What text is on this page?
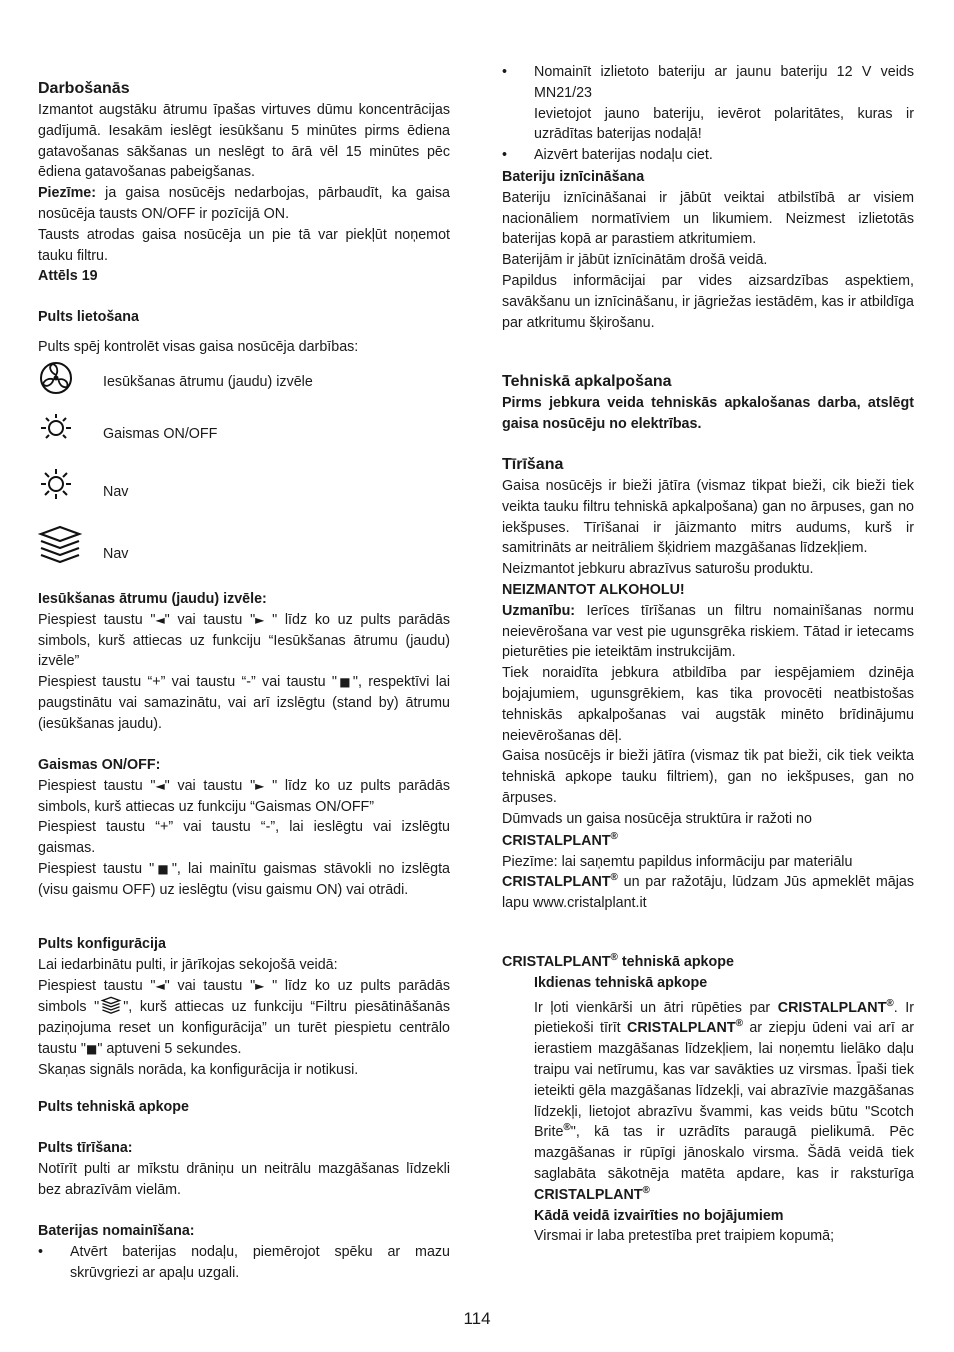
Darbošanās

Izmantot augstāku ātrumu īpašas virtuves dūmu koncentrācijas gadījumā. Iesakām ieslēgt iesūkšanu 5 minūtes pirms ēdiena gatavošanas sākšanas un neslēgt to ārā vēl 15 minūtes pēc ēdiena gatavošanas pabeigšanas.

Piezīme: ja gaisa nosūcējs nedarbojas, pārbaudīt, ka gaisa nosūcēja tausts ON/OFF ir pozīcijā ON.

Tausts atrodas gaisa nosūcēja un pie tā var piekļūt noņemot tauku filtru.

Attēls 19

Pults lietošana

Pults spēj kontrolēt visas gaisa nosūcēja darbības:

Iesūkšanas ātrumu (jaudu) izvēle
Gaismas ON/OFF
Nav
Nav

Iesūkšanas ātrumu (jaudu) izvēle:

Piespiest taustu "◄" vai taustu "► " līdz ko uz pults parādās simbols, kurš attiecas uz funkciju “Iesūkšanas ātrumu (jaudu) izvēle”

Piespiest taustu “+” vai taustu “-” vai taustu "■", respektīvi lai paugstinātu vai samazinātu, vai arī izslēgtu (stand by) ātrumu (iesūkšanas jaudu).

Gaismas ON/OFF:

Piespiest taustu "◄" vai taustu "► " līdz ko uz pults parādās simbols, kurš attiecas uz funkciju “Gaismas ON/OFF”

Piespiest taustu “+” vai taustu “-”, lai ieslēgtu vai izslēgtu gaismas.

Piespiest taustu "■", lai mainītu gaismas stāvokli no izslēgta (visu gaismu OFF) uz ieslēgtu (visu gaismu ON) vai otrādi.

Pults konfigurācija

Lai iedarbinātu pulti, ir jārīkojas sekojošā veidā:

Piespiest taustu "◄" vai taustu "► " līdz ko uz pults parādās simbols " ", kurš attiecas uz funkciju “Filtru piesātināšanās paziņojuma reset un konfigurācija” un turēt piespietu centrālo taustu "■" aptuveni 5 sekundes.

Skaņas signāls norāda, ka konfigurācija ir notikusi.

Pults tehniskā apkope

Pults tīrīšana:

Notīrīt pulti ar mīkstu drāniņu un neitrālu mazgāšanas līdzekli bez abrazīvām vielām.

Baterijas nomainīšana:

• Atvērt baterijas nodaļu, piemērojot spēku ar mazu skrūvgriezi ar apaļu uzgali.

• Nomainīt izlietoto bateriju ar jaunu bateriju 12 V veids MN21/23

Ievietojot jauno bateriju, ievērot polaritātes, kuras ir uzrādītas baterijas nodaļā!

• Aizvērt baterijas nodaļu ciet.

Bateriju iznīcināšana

Bateriju iznīcināšanai ir jābūt veiktai atbilstībā ar visiem nacionāliem normatīviem un likumiem. Neizmest izlietotās baterijas kopā ar parastiem atkritumiem.

Baterijām ir jābūt iznīcinātām drošā veidā.

Papildus informācijai par vides aizsardzības aspektiem, savākšanu un iznīcināšanu, ir jāgriežas iestādēm, kas ir atbildīga par atkritumu šķirošanu.

Tehniskā apkalpošana

Pirms jebkura veida tehniskās apkalošanas darba, atslēgt gaisa nosūcēju no elektrības.

Tīrīšana

Gaisa nosūcējs ir bieži jātīra (vismaz tikpat bieži, cik bieži tiek veikta tauku filtru tehniskā apkalpošana) gan no ārpuses, gan no iekšpuses. Tīrīšanai ir jāizmanto mitrs audums, kurš ir samitrināts ar neitrāliem šķidriem mazgāšanas līdzekļiem.

Neizmantot jebkuru abrazīvus saturošu produktu.

NEIZMANTOT ALKOHOLU!

Uzmanību: Ierīces tīrīšanas un filtru nomainīšanas normu neievērošana var vest pie ugunsgrēka riskiem. Tātad ir ietecams pieturēties pie ieteiktām instrukcijām.

Tiek noraidīta jebkura atbildība par iespējamiem dzinēja bojajumiem, ugunsgrēkiem, kas tika provocēti neatbistošas tehniskās apkalpošanas vai augstāk minēto brīdinājumu neievērošanas dēļ.

Gaisa nosūcējs ir bieži jātīra (vismaz tik pat bieži, cik tiek veikta tehniskā apkope tauku filtriem), gan no iekšpuses, gan no ārpuses.

Dūmvads un gaisa nosūcēja struktūra ir ražoti no

CRISTALPLANT®

Piezīme: lai saņemtu papildus informāciju par materiālu

CRISTALPLANT® un par ražotāju, lūdzam Jūs apmeklēt mājas lapu www.cristalplant.it

CRISTALPLANT® tehniskā apkope

Ikdienas tehniskā apkope

Ir ļoti vienkārši un ātri rūpēties par CRISTALPLANT®. Ir pietiekoši tīrīt CRISTALPLANT® ar ziepju ūdeni vai arī ar ierastiem mazgāšanas līdzekļiem, lai noņemtu lielāko daļu traipu vai netīrumu, kas var savākties uz virsmas. Īpaši tiek ieteikti gēla mazgāšanas līdzekļi, vai abrazīvie mazgāšanas līdzekļi, lietojot abrazīvu švammi, kas veids būtu "Scotch Brite®", kā tas ir uzrādīts paraugā pielikumā. Pēc mazgāšanas ir rūpīgi jānoskalo virsma. Šādā veidā tiek saglabāta sākotnēja matēta apdare, kas ir raksturīga CRISTALPLANT®

Kādā veidā izvairīties no bojājumiem

Virsmai ir laba pretestība pret traipiem kopumā;

114
